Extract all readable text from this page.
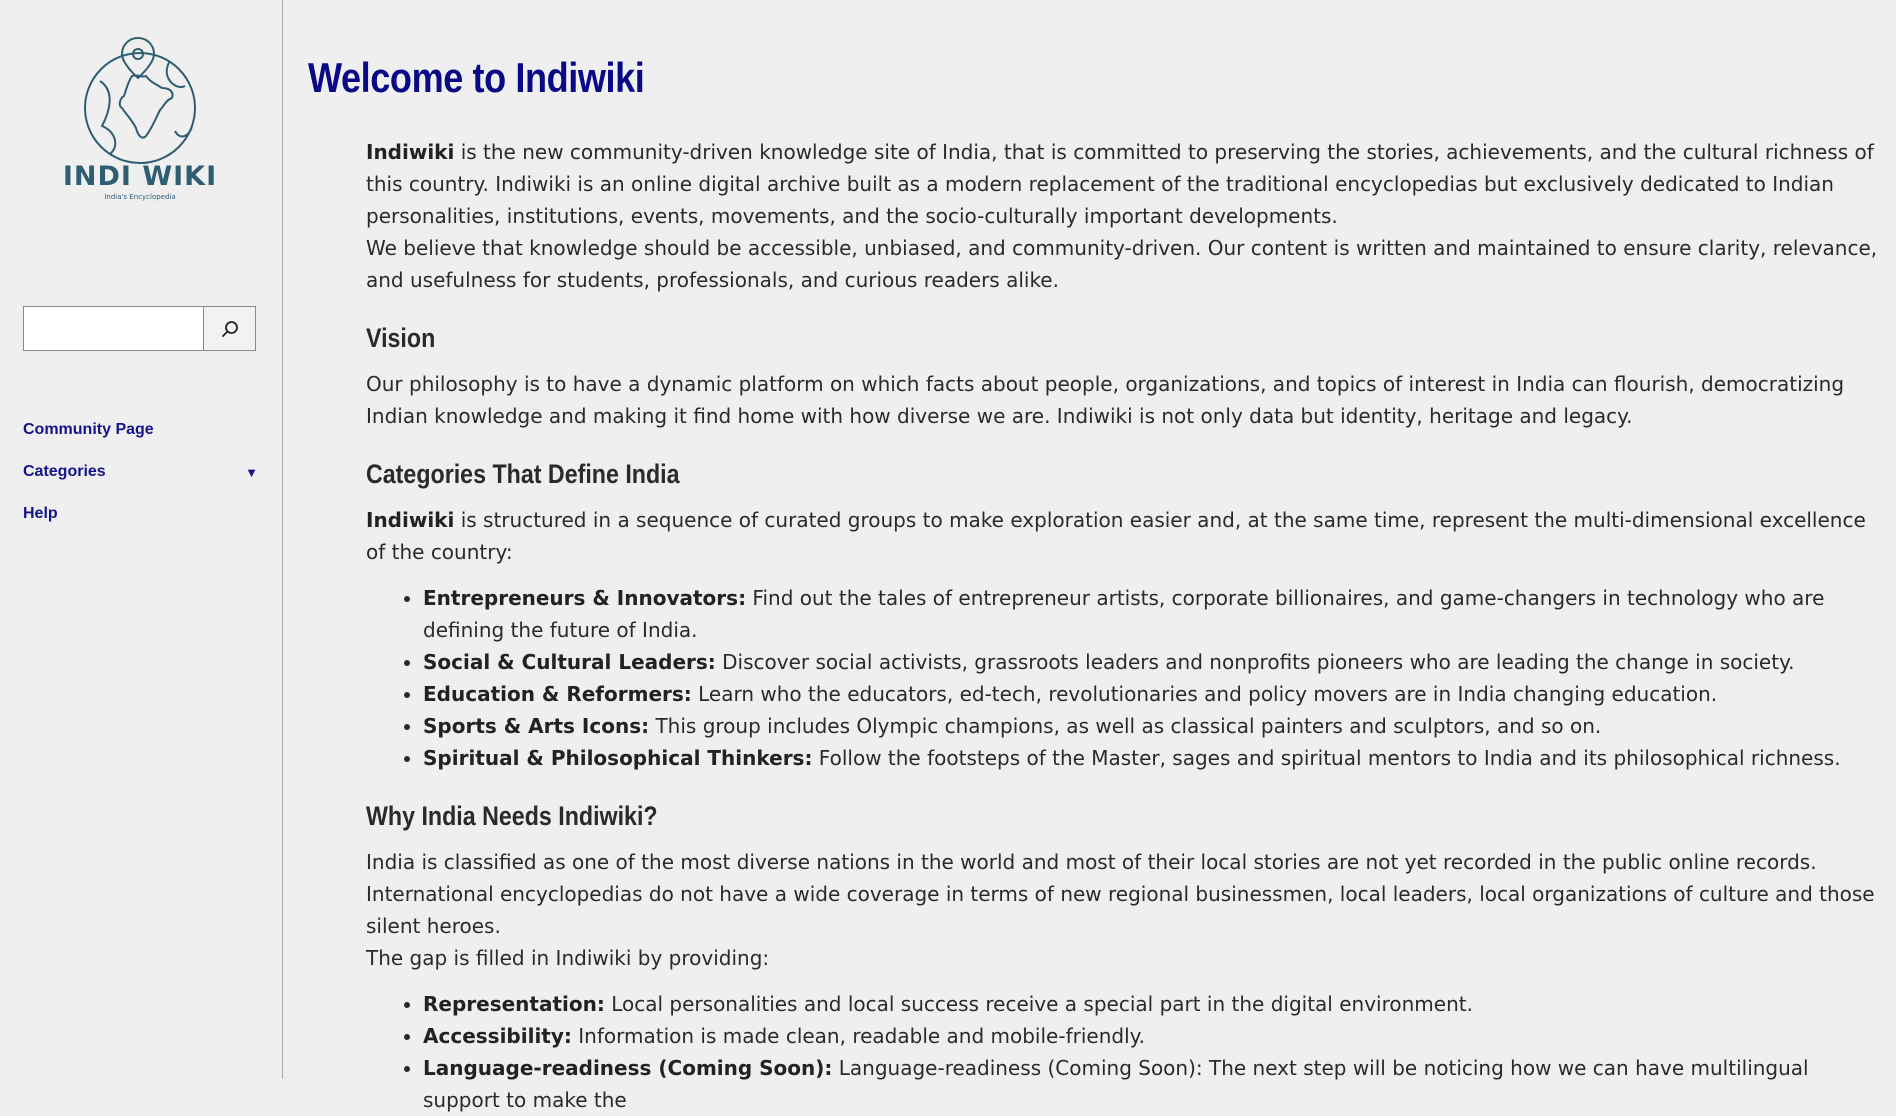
INDI WIKI
India's Encyclopedia
Community Page
Categories	▼
Help
Welcome to Indiwiki

Indiwiki is the new community-driven knowledge site of India, that is committed to preserving the stories, achievements, and the cultural richness of this country. Indiwiki is an online digital archive built as a modern replacement of the traditional encyclopedias but exclusively dedicated to Indian personalities, institutions, events, movements, and the socio-culturally important developments.

We believe that knowledge should be accessible, unbiased, and community-driven. Our content is written and maintained to ensure clarity, relevance, and usefulness for students, professionals, and curious readers alike.

Vision

Our philosophy is to have a dynamic platform on which facts about people, organizations, and topics of interest in India can flourish, democratizing Indian knowledge and making it find home with how diverse we are. Indiwiki is not only data but identity, heritage and legacy.

Categories That Define India

Indiwiki is structured in a sequence of curated groups to make exploration easier and, at the same time, represent the multi-dimensional excellence of the country:

• Entrepreneurs & Innovators: Find out the tales of entrepreneur artists, corporate billionaires, and game-changers in technology who are defining the future of India.
• Social & Cultural Leaders: Discover social activists, grassroots leaders and nonprofits pioneers who are leading the change in society.
• Education & Reformers: Learn who the educators, ed-tech, revolutionaries and policy movers are in India changing education.
• Sports & Arts Icons: This group includes Olympic champions, as well as classical painters and sculptors, and so on.
• Spiritual & Philosophical Thinkers: Follow the footsteps of the Master, sages and spiritual mentors to India and its philosophical richness.
Why India Needs Indiwiki?

India is classified as one of the most diverse nations in the world and most of their local stories are not yet recorded in the public online records. International encyclopedias do not have a wide coverage in terms of new regional businessmen, local leaders, local organizations of culture and those silent heroes.

The gap is filled in Indiwiki by providing:

• Representation: Local personalities and local success receive a special part in the digital environment.
• Accessibility: Information is made clean, readable and mobile-friendly.
• Language-readiness (Coming Soon): Language-readiness (Coming Soon): The next step will be noticing how we can have multilingual support to make the
